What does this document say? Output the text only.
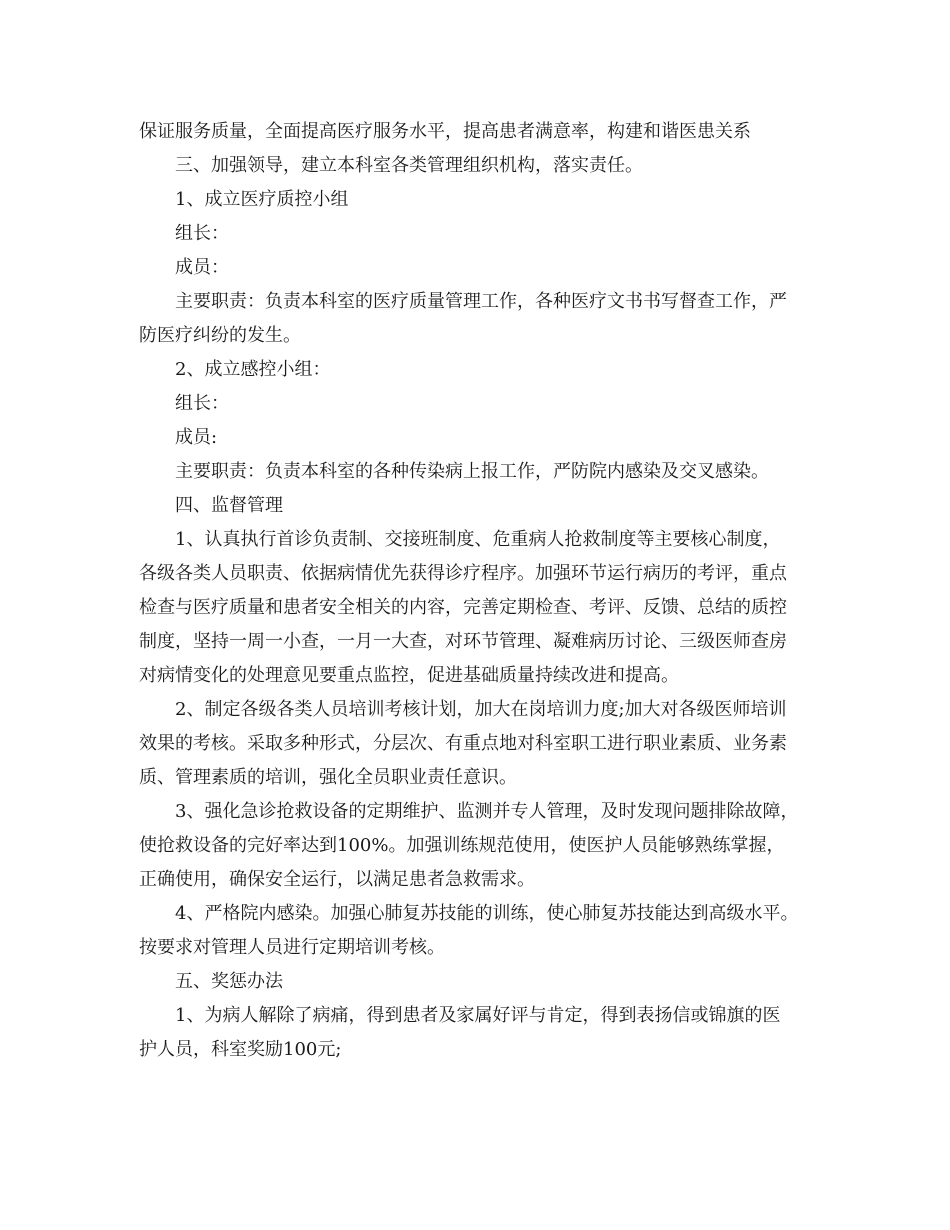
保证服务质量，全面提高医疗服务水平，提高患者满意率，构建和谐医患关系

三、加强领导，建立本科室各类管理组织机构，落实责任。

1、成立医疗质控小组

组长：

成员：

主要职责：负责本科室的医疗质量管理工作，各种医疗文书书写督查工作，严

防医疗纠纷的发生。

2、成立感控小组：

组长：

成员:

主要职责：负责本科室的各种传染病上报工作，严防院内感染及交叉感染。

四、监督管理

1、认真执行首诊负责制、交接班制度、危重病人抢救制度等主要核心制度，

各级各类人员职责、依据病情优先获得诊疗程序。加强环节运行病历的考评，重点

检查与医疗质量和患者安全相关的内容，完善定期检查、考评、反馈、总结的质控

制度，坚持一周一小查，一月一大查，对环节管理、凝难病历讨论、三级医师查房

对病情变化的处理意见要重点监控，促进基础质量持续改进和提高。

2、制定各级各类人员培训考核计划，加大在岗培训力度;加大对各级医师培训

效果的考核。采取多种形式，分层次、有重点地对科室职工进行职业素质、业务素

质、管理素质的培训，强化全员职业责任意识。

3、强化急诊抢救设备的定期维护、监测并专人管理，及时发现问题排除故障，

使抢救设备的完好率达到100%。加强训练规范使用，使医护人员能够熟练掌握，

正确使用，确保安全运行，以满足患者急救需求。

4、严格院内感染。加强心肺复苏技能的训练，使心肺复苏技能达到高级水平。

按要求对管理人员进行定期培训考核。

五、奖惩办法

1、为病人解除了病痛，得到患者及家属好评与肯定，得到表扬信或锦旗的医

护人员，科室奖励100元;
